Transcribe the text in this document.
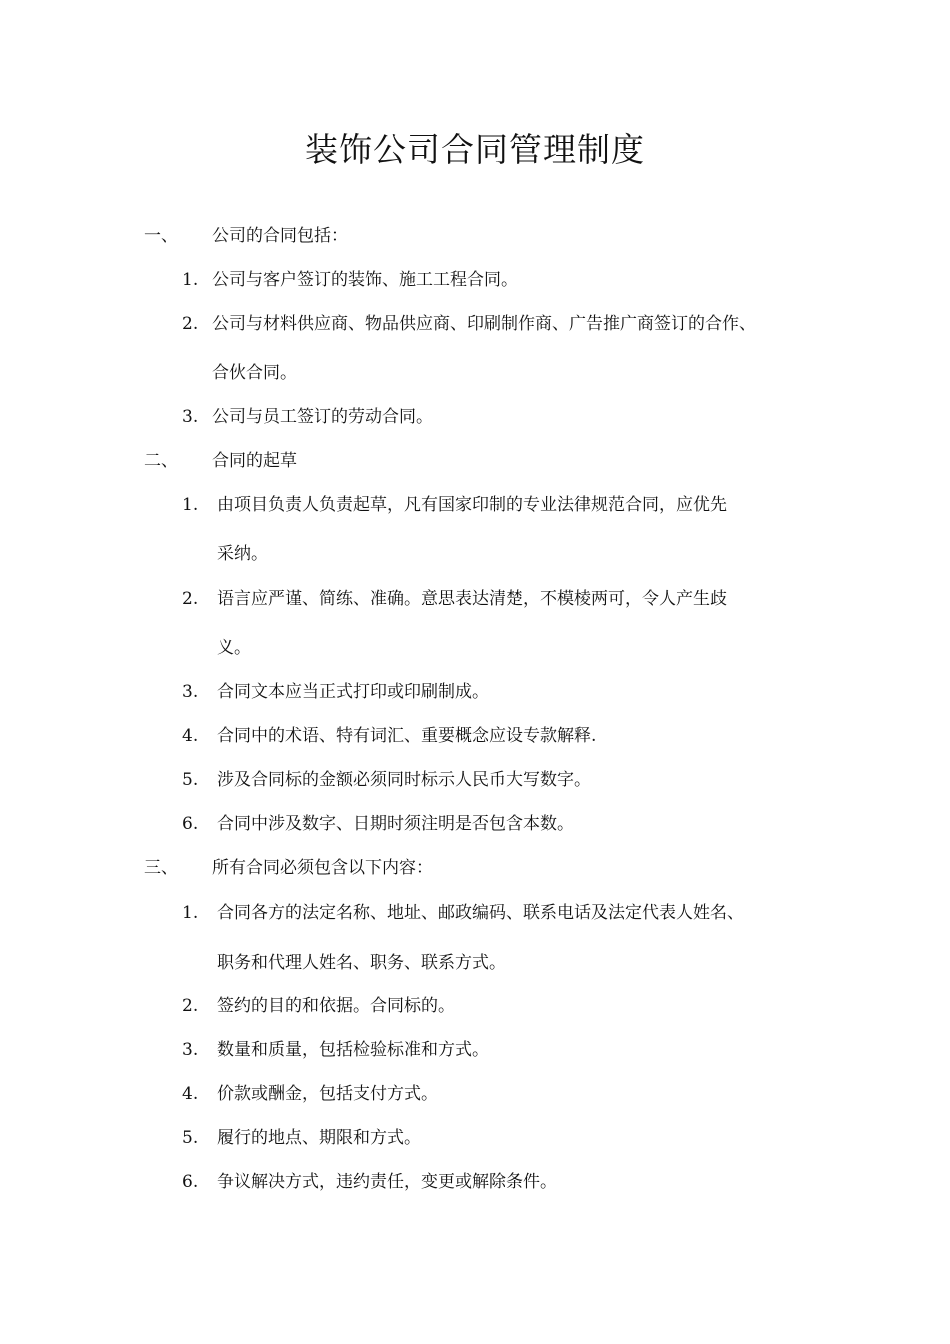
装饰公司合同管理制度
一、 公司的合同包括：
1. 公司与客户签订的装饰、施工工程合同。
2. 公司与材料供应商、物品供应商、印刷制作商、广告推广商签订的合作、
合伙合同。
3. 公司与员工签订的劳动合同。
二、 合同的起草
1. 由项目负责人负责起草，凡有国家印制的专业法律规范合同，应优先
采纳。
2. 语言应严谨、简练、准确。意思表达清楚，不模棱两可，令人产生歧
义。
3. 合同文本应当正式打印或印刷制成。
4. 合同中的术语、特有词汇、重要概念应设专款解释.
5. 涉及合同标的金额必须同时标示人民币大写数字。
6. 合同中涉及数字、日期时须注明是否包含本数。
三、 所有合同必须包含以下内容：
1. 合同各方的法定名称、地址、邮政编码、联系电话及法定代表人姓名、
职务和代理人姓名、职务、联系方式。
2. 签约的目的和依据。合同标的。
3. 数量和质量，包括检验标准和方式。
4. 价款或酬金，包括支付方式。
5. 履行的地点、期限和方式。
6. 争议解决方式，违约责任，变更或解除条件。
